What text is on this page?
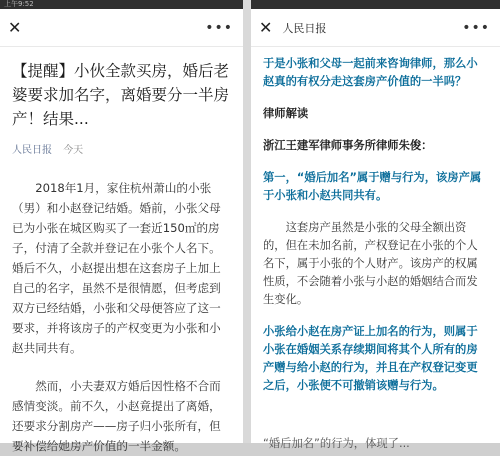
上午9:52
✕	•••
【提醒】小伙全款买房，婚后老婆要求加名字，离婚要分一半房产！结果...
人民日报 今天

2018年1月，家住杭州萧山的小张（男）和小赵登记结婚。婚前，小张父母已为小张在城区购买了一套近150㎡的房子，付清了全款并登记在小张个人名下。婚后不久，小赵提出想在这套房子上加上自己的名字，虽然不是很情愿，但考虑到双方已经结婚，小张和父母便答应了这一要求，并将该房子的产权变更为小张和小赵共同共有。

然而，小夫妻双方婚后因性格不合而感情变淡。前不久，小赵竟提出了离婚，还要求分割房产——房子归小张所有，但要补偿给她房产价值的一半金额。

✕ 人民日报	•••

于是小张和父母一起前来咨询律师，那么小赵真的有权分走这套房产价值的一半吗？

律师解读

浙江王建军律师事务所律师朱俊：

第一，“婚后加名”属于赠与行为，该房产属于小张和小赵共同共有。

这套房产虽然是小张的父母全额出资的，但在未加名前，产权登记在小张的个人名下，属于小张的个人财产。该房产的权属性质，不会随着小张与小赵的婚姻结合而发生变化。

小张给小赵在房产证上加名的行为，则属于小张在婚姻关系存续期间将其个人所有的房产赠与给小赵的行为，并且在产权登记变更之后，小张便不可撤销该赠与行为。

“婚后加名”的行为，体现了...
